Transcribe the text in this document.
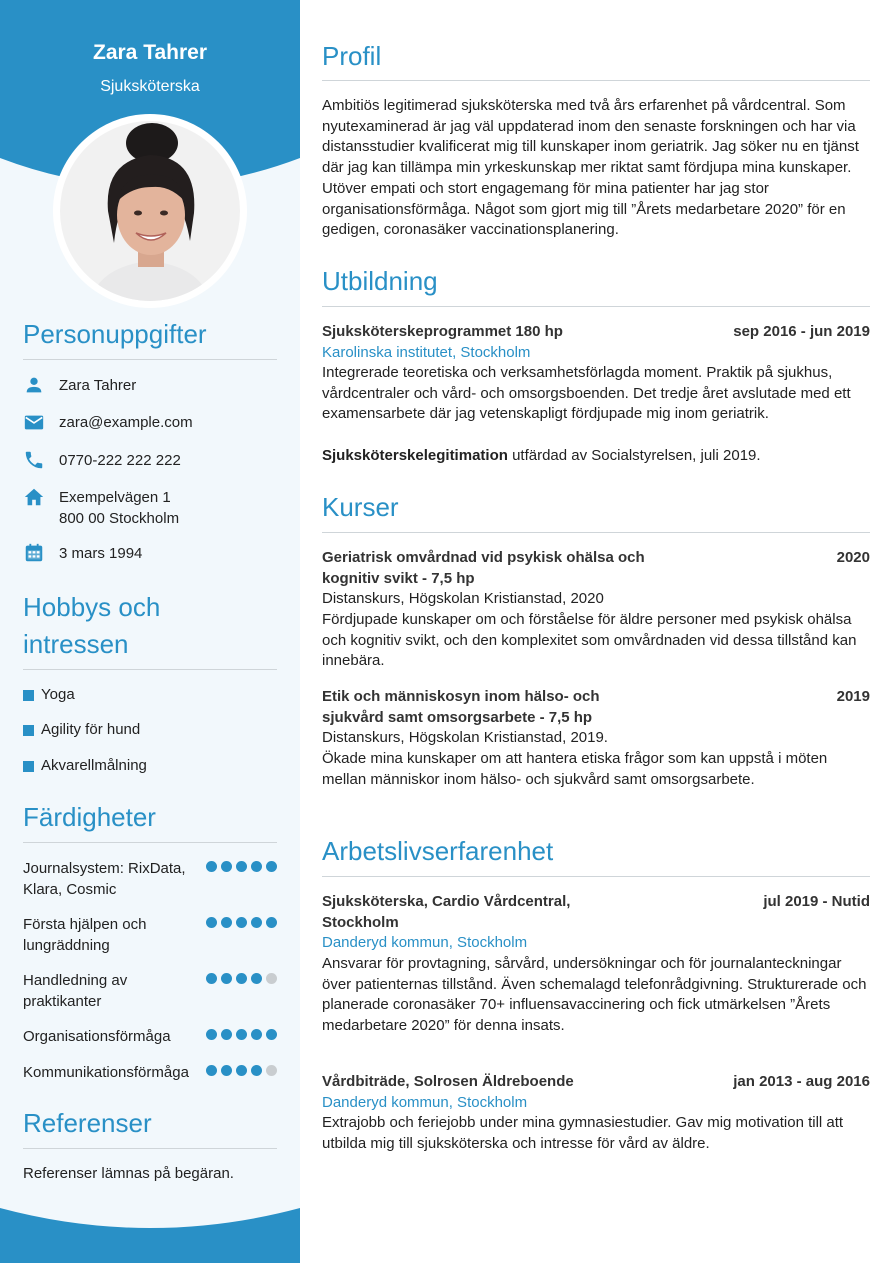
Zara Tahrer
Sjuksköterska
Personuppgifter
Zara Tahrer
zara@example.com
0770-222 222 222
Exempelvägen 1
800 00 Stockholm
3 mars 1994
Hobbys och
intressen
Yoga
Agility för hund
Akvarellmålning
Färdigheter
Journalsystem: RixData,
Klara, Cosmic
Första hjälpen och
lungräddning
Handledning av
praktikanter
Organisationsförmåga
Kommunikationsförmåga
Referenser
Referenser lämnas på begäran.
Profil
Ambitiös legitimerad sjuksköterska med två års erfarenhet på vårdcentral. Som
nyutexaminerad är jag väl uppdaterad inom den senaste forskningen och har via
distansstudier kvalificerat mig till kunskaper inom geriatrik. Jag söker nu en tjänst
där jag kan tillämpa min yrkeskunskap mer riktat samt fördjupa mina kunskaper.
Utöver empati och stort engagemang för mina patienter har jag stor
organisationsförmåga. Något som gjort mig till ”Årets medarbetare 2020” för en
gedigen, coronasäker vaccinationsplanering.
Utbildning
Sjuksköterskeprogrammet 180 hp	sep 2016 - jun 2019
Karolinska institutet, Stockholm
Integrerade teoretiska och verksamhetsförlagda moment. Praktik på sjukhus,
vårdcentraler och vård- och omsorgsboenden. Det tredje året avslutade med ett
examensarbete där jag vetenskapligt fördjupade mig inom geriatrik.
Sjuksköterskelegitimation utfärdad av Socialstyrelsen, juli 2019.
Kurser
Geriatrisk omvårdnad vid psykisk ohälsa och
kognitiv svikt - 7,5 hp
2020
Distanskurs, Högskolan Kristianstad, 2020
Fördjupade kunskaper om och förståelse för äldre personer med psykisk ohälsa
och kognitiv svikt, och den komplexitet som omvårdnaden vid dessa tillstånd kan
innebära.
Etik och människosyn inom hälso- och
sjukvård samt omsorgsarbete - 7,5 hp
2019
Distanskurs, Högskolan Kristianstad, 2019.
Ökade mina kunskaper om att hantera etiska frågor som kan uppstå i möten
mellan människor inom hälso- och sjukvård samt omsorgsarbete.
Arbetslivserfarenhet
Sjuksköterska, Cardio Vårdcentral,
Stockholm
jul 2019 - Nutid
Danderyd kommun, Stockholm
Ansvarar för provtagning, sårvård, undersökningar och för journalanteckningar
över patienternas tillstånd. Även schemalagd telefonrådgivning. Strukturerade och
planerade coronasäker 70+ influensavaccinering och fick utmärkelsen ”Årets
medarbetare 2020” för denna insats.
Vårdbiträde, Solrosen Äldreboende	jan 2013 - aug 2016
Danderyd kommun, Stockholm
Extrajobb och feriejobb under mina gymnasiestudier. Gav mig motivation till att
utbilda mig till sjuksköterska och intresse för vård av äldre.
